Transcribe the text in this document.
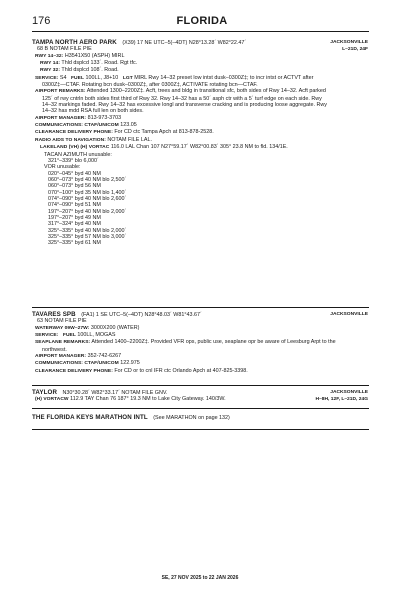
176	FLORIDA
JACKSONVILLE
L–21D, 24F
TAMPA NORTH AERO PARK (X39) 17 NE UTC–5(–4DT) N28°13.28´ W82°22.47´
68 B NOTAM FILE PIE
RWY 14–32: H3541X50 (ASPH) MIRL
RWY 14: Thld dsplcd 133´. Road. Rgt tfc.
RWY 32: Thld dsplcd 108´. Road.
SERVICE: S4 FUEL 100LL, J8+10 LGT MIRL Rwy 14–32 preset low intst dusk–0300Z‡; to incr intst or ACTVT after
0300Z‡—CTAF. Rotating bcn dusk–0300Z‡, after 0300Z‡, ACTIVATE rotating bcn—CTAF.
AIRPORT REMARKS: Attended 1300–2200Z‡. Acft, trees and bldg in transitional sfc, both sides of Rwy 14–32. Acft parked
125´ of rwy cntrln both sides first third of Rwy 32. Rwy 14–32 has a 50´ asph ctr with a 5´ turf edge on each side. Rwy
14–32 markings faded. Rwy 14–32 has excessive longl and transverse cracking and is producing loose aggregate. Rwy
14–32 has mdd RSA full len on both sides.
AIRPORT MANAGER: 813-973-3703
COMMUNICATIONS: CTAF/UNICOM 123.05
CLEARANCE DELIVERY PHONE: For CD ctc Tampa Apch at 813-878-2528.
RADIO AIDS TO NAVIGATION: NOTAM FILE LAL.
LAKELAND (VH) (H) VORTAC 116.0 LAL Chan 107 N27°59.17´ W82°00.83´ 305° 23.8 NM to fld. 134/1E.
TACAN AZIMUTH unusable:
321°–339° blo 6,000´
VOR unusable:
020°–045° byd 40 NM
060°–073° byd 40 NM blo 2,500´
060°–073° byd 56 NM
070°–100° byd 35 NM blo 1,400´
074°–090° byd 40 NM blo 2,600´
074°–090° byd 51 NM
197°–207° byd 40 NM blo 2,000´
197°–207° byd 49 NM
317°–324° byd 40 NM
325°–335° byd 40 NM blo 2,000´
325°–335° byd 57 NM blo 3,000´
325°–335° byd 61 NM
JACKSONVILLE
TAVARES SPB (FA1) 1 SE UTC–5(–4DT) N28°48.03´ W81°43.67´
63 NOTAM FILE PIE
WATERWAY 09W–27W: 3000X200 (WATER)
SERVICE: FUEL 100LL, MOGAS
SEAPLANE REMARKS: Attended 1400–2200Z‡. Provided VFR ops, public use, seaplane opr be aware of Leesburg Arpt to the
northwest.
AIRPORT MANAGER: 352-742-6267
COMMUNICATIONS: CTAF/UNICOM 122.975
CLEARANCE DELIVERY PHONE: For CD or to cnl IFR ctc Orlando Apch at 407-825-3398.
JACKSONVILLE
H–8H, 12F, L–21D, 24G
TAYLOR N30°30.28´ W82°33.17´ NOTAM FILE GNV.
(H) VORTACW 112.9 TAY Chan 76 187° 19.3 NM to Lake City Gateway. 140/3W.
THE FLORIDA KEYS MARATHON INTL (See MARATHON on page 132)
SE, 27 NOV 2025 to 22 JAN 2026
